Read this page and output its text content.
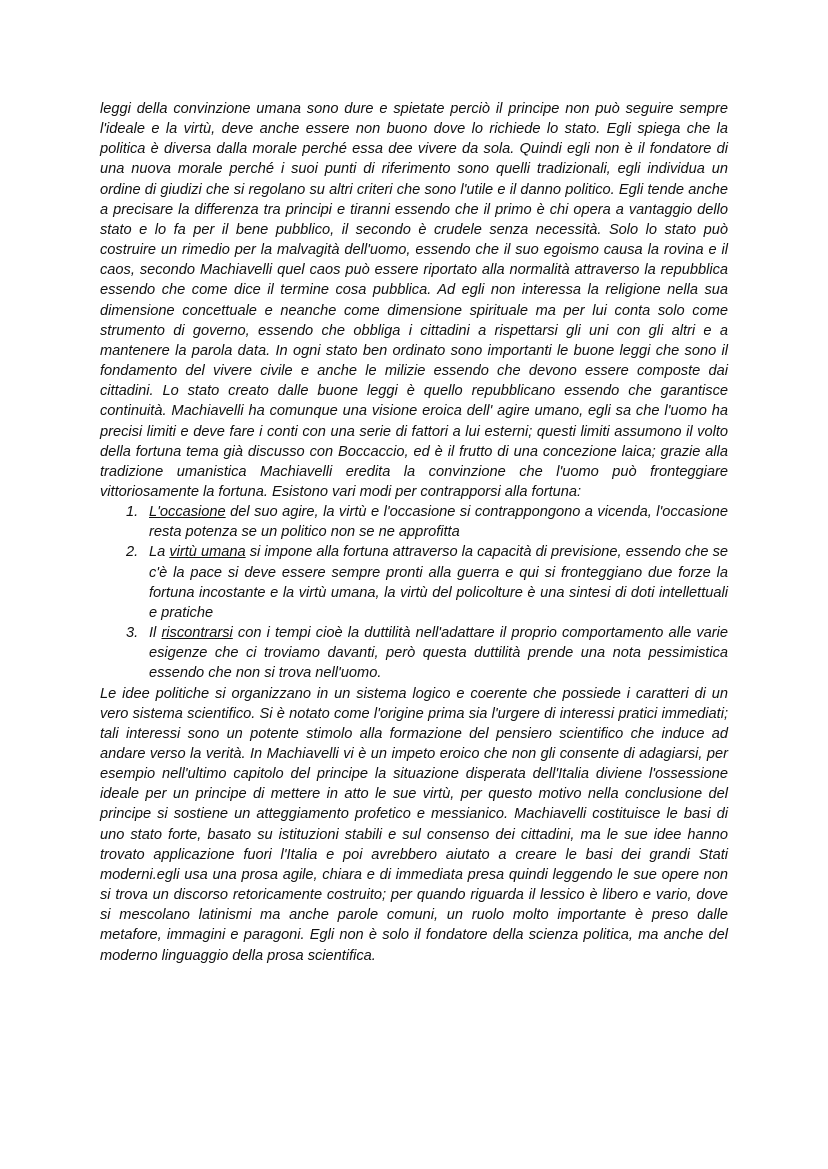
leggi della convinzione umana sono dure e spietate perciò il principe non può seguire sempre l'ideale e la virtù, deve anche essere non buono dove lo richiede lo stato. Egli spiega che la politica è diversa dalla morale perché essa dee vivere da sola. Quindi egli non è il fondatore di una nuova morale perché i suoi punti di riferimento sono quelli tradizionali, egli individua un ordine di giudizi che si regolano su altri criteri che sono l'utile e il danno politico. Egli tende anche a precisare la differenza tra principi e tiranni essendo che il primo è chi opera a vantaggio dello stato e lo fa per il bene pubblico, il secondo è crudele senza necessità. Solo lo stato può costruire un rimedio per la malvagità dell'uomo, essendo che il suo egoismo causa la rovina e il caos, secondo Machiavelli quel caos può essere riportato alla normalità attraverso la repubblica essendo che come dice il termine cosa pubblica. Ad egli non interessa la religione nella sua dimensione concettuale e neanche come dimensione spirituale ma per lui conta solo come strumento di governo, essendo che obbliga i cittadini a rispettarsi gli uni con gli altri e a mantenere la parola data. In ogni stato ben ordinato sono importanti le buone leggi che sono il fondamento del vivere civile e anche le milizie essendo che devono essere composte dai cittadini. Lo stato creato dalle buone leggi è quello repubblicano essendo che garantisce continuità. Machiavelli ha comunque una visione eroica dell' agire umano, egli sa che l'uomo ha precisi limiti e deve fare i conti con una serie di fattori a lui esterni; questi limiti assumono il volto della fortuna tema già discusso con Boccaccio, ed è il frutto di una concezione laica; grazie alla tradizione umanistica Machiavelli eredita la convinzione che l'uomo può fronteggiare vittoriosamente la fortuna. Esistono vari modi per contrapporsi alla fortuna:

1. L'occasione del suo agire, la virtù e l'occasione si contrappongono a vicenda, l'occasione resta potenza se un politico non se ne approfitta
2. La virtù umana si impone alla fortuna attraverso la capacità di previsione, essendo che se c'è la pace si deve essere sempre pronti alla guerra e qui si fronteggiano due forze la fortuna incostante e la virtù umana, la virtù del policolture è una sintesi di doti intellettuali e pratiche
3. Il riscontrarsi con i tempi cioè la duttilità nell'adattare il proprio comportamento alle varie esigenze che ci troviamo davanti, però questa duttilità prende una nota pessimistica essendo che non si trova nell'uomo.

Le idee politiche si organizzano in un sistema logico e coerente che possiede i caratteri di un vero sistema scientifico. Si è notato come l'origine prima sia l'urgere di interessi pratici immediati; tali interessi sono un potente stimolo alla formazione del pensiero scientifico che induce ad andare verso la verità. In Machiavelli vi è un impeto eroico che non gli consente di adagiarsi, per esempio nell'ultimo capitolo del principe la situazione disperata dell'Italia diviene l'ossessione ideale per un principe di mettere in atto le sue virtù, per questo motivo nella conclusione del principe si sostiene un atteggiamento profetico e messianico. Machiavelli costituisce le basi di uno stato forte, basato su istituzioni stabili e sul consenso dei cittadini, ma le sue idee hanno trovato applicazione fuori l'Italia e poi avrebbero aiutato a creare le basi dei grandi Stati moderni.egli usa una prosa agile, chiara e di immediata presa quindi leggendo le sue opere non si trova un discorso retoricamente costruito; per quando riguarda il lessico è libero e vario, dove si mescolano latinismi ma anche parole comuni, un ruolo molto importante è preso dalle metafore, immagini e paragoni. Egli non è solo il fondatore della scienza politica, ma anche del moderno linguaggio della prosa scientifica.
